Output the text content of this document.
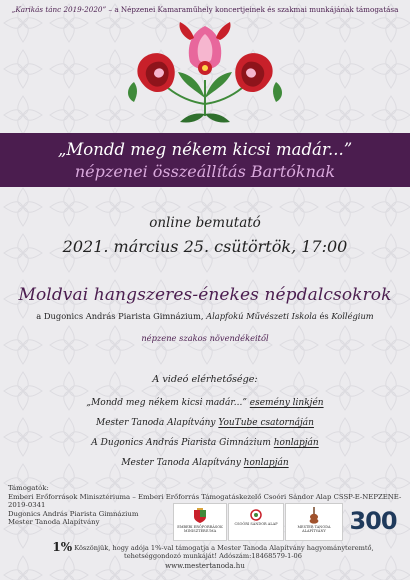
„Karikás tánc 2019-2020” – a Népzenei Kamaraműhely koncertjeinek és szakmai munkájának támogatása
„Mondd meg nékem kicsi madár...”
népzenei összeállítás Bartóknak
online bemutató
2021. március 25. csütörtök, 17:00
Moldvai hangszeres-énekes népdalcsokrok
a Dugonics András Piarista Gimnázium, Alapfokú Művészeti Iskola és Kollégium
népzene szakos növendékeitől
A videó elérhetősége:
„Mondd meg nékem kicsi madár...” esemény linkjén
Mester Tanoda Alapítvány YouTube csatornáján
A Dugonics András Piarista Gimnázium honlapján
Mester Tanoda Alapítvány honlapján
Támogatók:
Emberi Erőforrások Minisztériuma – Emberi Erőforrás Támogatáskezelő Csoóri Sándor Alap CSSP-E-NEPZENE-2019-0341
Dugonics András Piarista Gimnázium
Mester Tanoda Alapítvány
EMBERI ERŐFORRÁSOK MINISZTÉRIUMA
CSOÓRI SÁNDOR ALAP
MESTER TANODA ALAPÍTVÁNY 300
1% Köszönjük, hogy adója 1%-val támogatja a Mester Tanoda Alapítvány hagyományteremtő,
tehetséggondozó munkáját! Adószám:18468579-1-06
www.mestertanoda.hu
